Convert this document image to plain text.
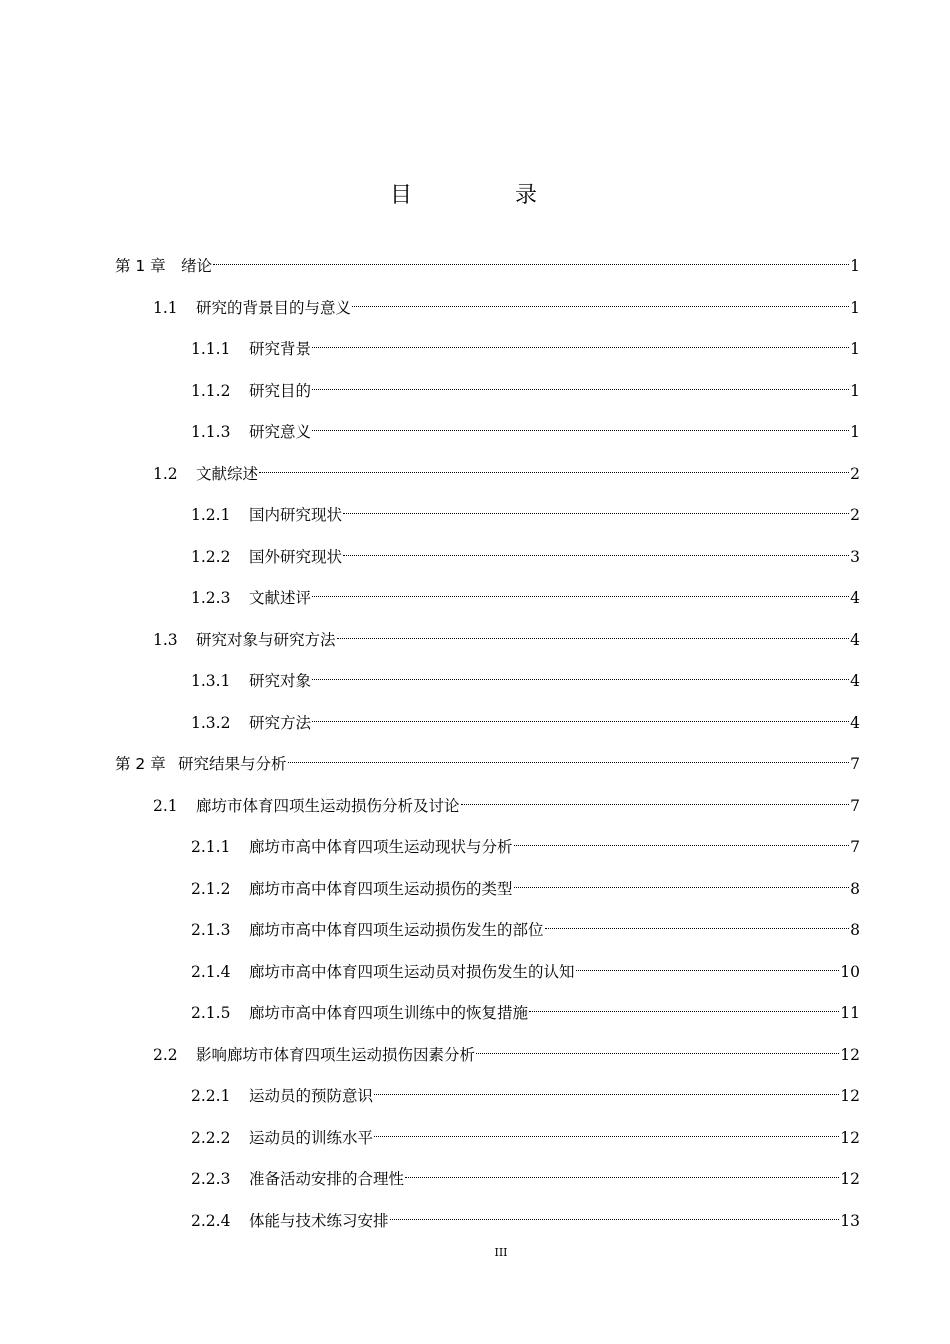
目 录
第 1 章 绪论	1
1.1	研究的背景目的与意义	1
1.1.1	研究背景	1
1.1.2	研究目的	1
1.1.3	研究意义	1
1.2	文献综述	2
1.2.1	国内研究现状	2
1.2.2	国外研究现状	3
1.2.3	文献述评	4
1.3	研究对象与研究方法	4
1.3.1	研究对象	4
1.3.2	研究方法	4
第 2 章 研究结果与分析	7
2.1	廊坊市体育四项生运动损伤分析及讨论	7
2.1.1	廊坊市高中体育四项生运动现状与分析	7
2.1.2	廊坊市高中体育四项生运动损伤的类型	8
2.1.3	廊坊市高中体育四项生运动损伤发生的部位	8
2.1.4	廊坊市高中体育四项生运动员对损伤发生的认知	10
2.1.5	廊坊市高中体育四项生训练中的恢复措施	11
2.2	影响廊坊市体育四项生运动损伤因素分析	12
2.2.1	运动员的预防意识	12
2.2.2	运动员的训练水平	12
2.2.3	准备活动安排的合理性	12
2.2.4	体能与技术练习安排	13
III
